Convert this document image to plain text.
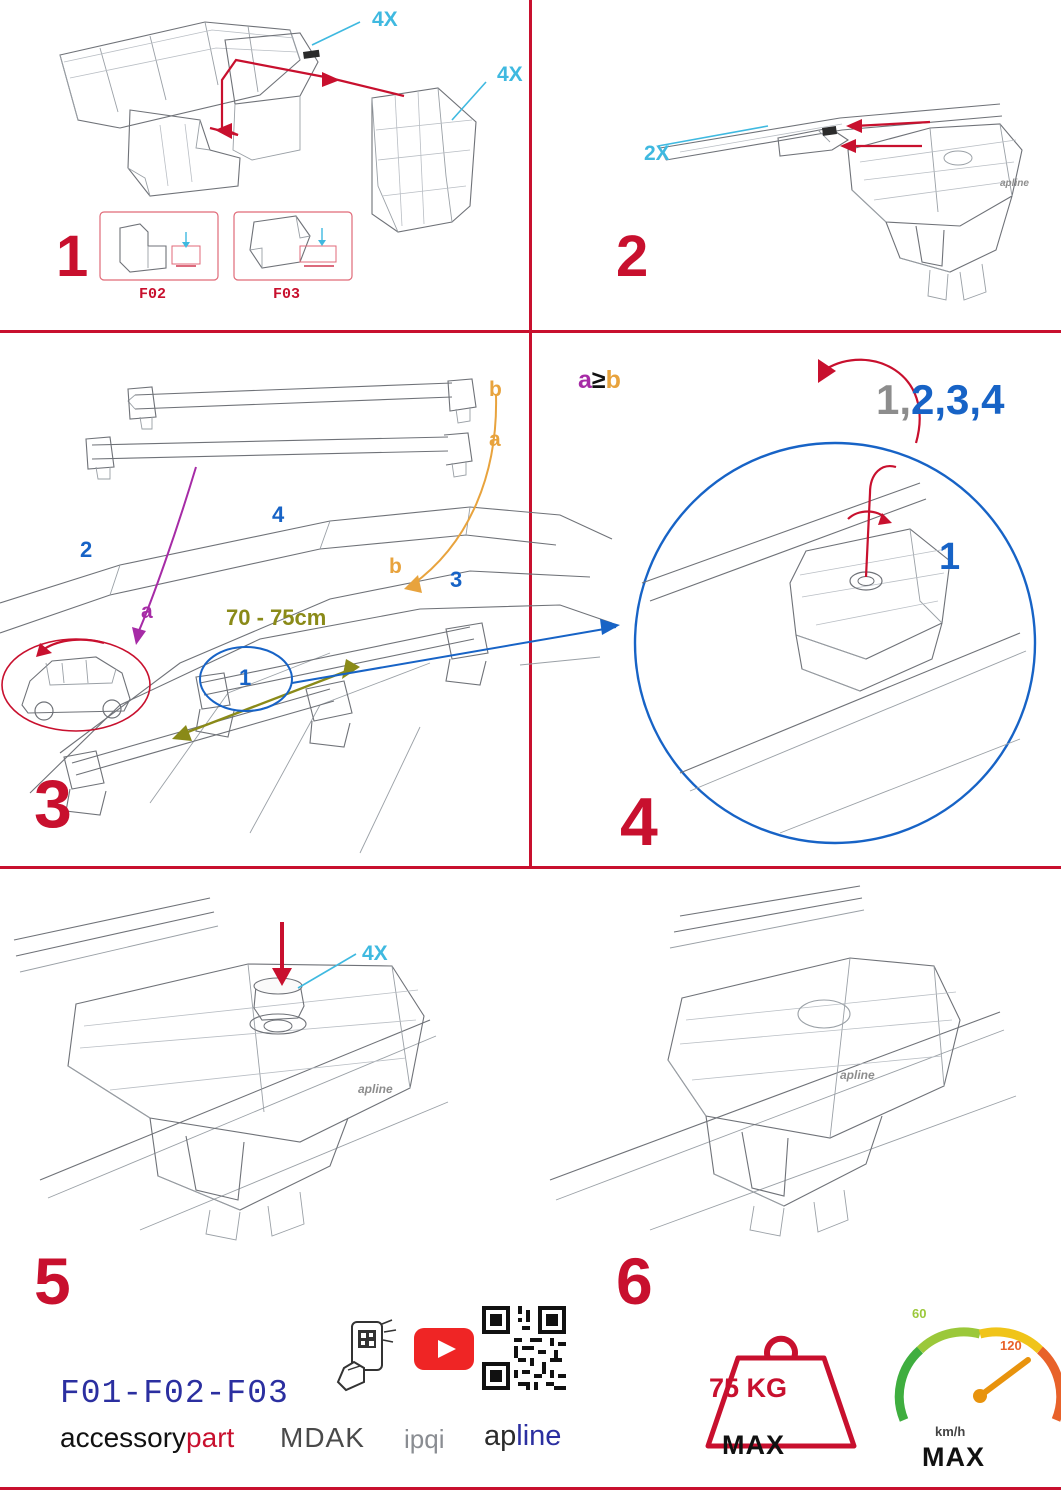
4X
4X
1
F02	F03
2X
2
apline
b
a
a
b
70 - 75cm
1
2
3
4
a≥b
3
1,2,3,4
1
4
4X
apline
apline
5
F01-F02-F03
accessorypart MDAK ipqi apline
6
75 KG
MAX
60
120
km/h
MAX
